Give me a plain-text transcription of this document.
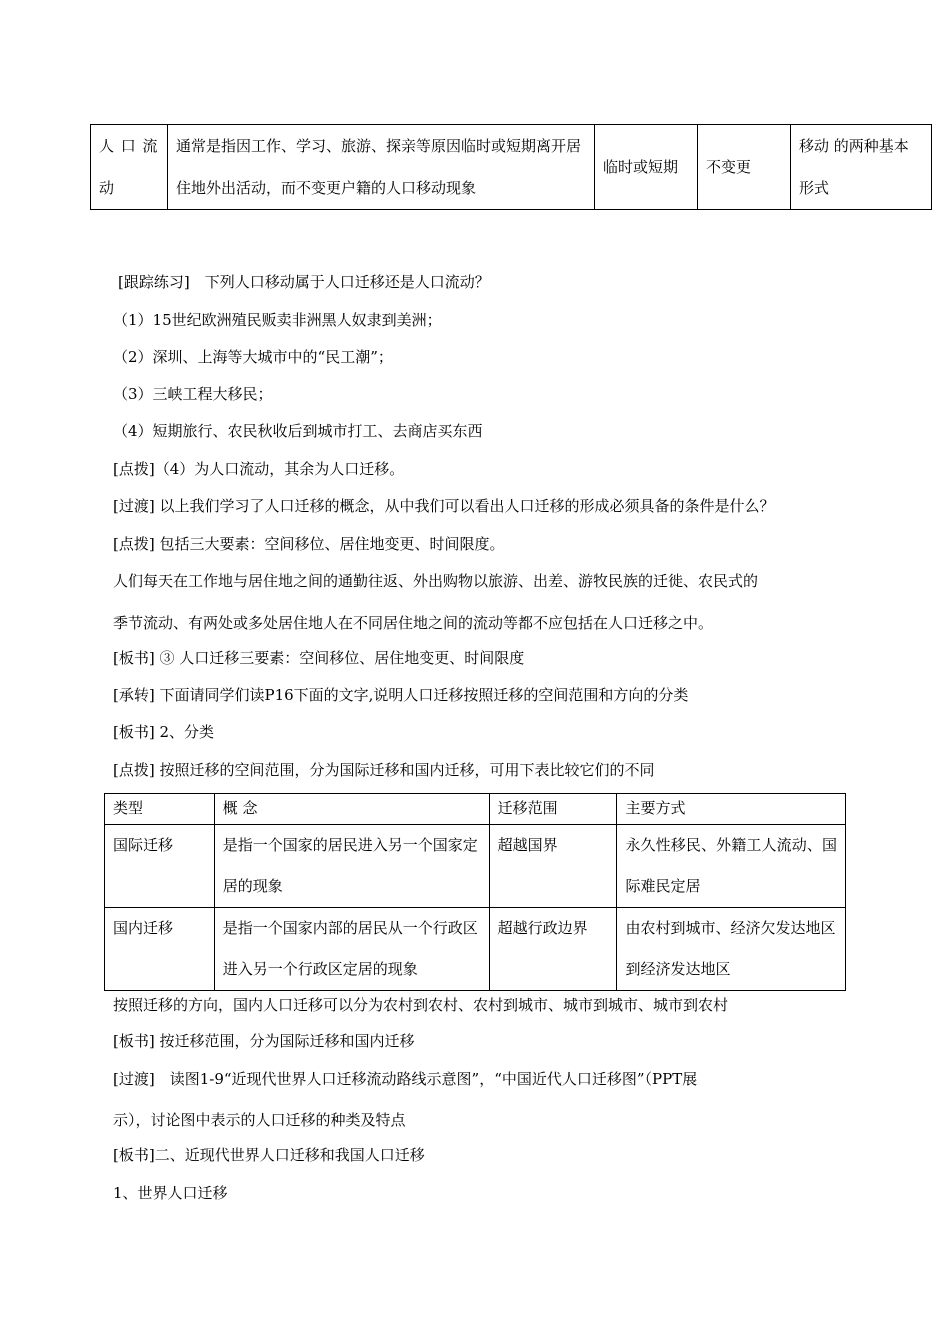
人 口 流动	通常是指因工作、学习、旅游、探亲等原因临时或短期离开居住地外出活动，而不变更户籍的人口移动现象	临时或短期	不变更	移动 的两种基本形式
[跟踪练习]　下列人口移动属于人口迁移还是人口流动？
（1）15世纪欧洲殖民贩卖非洲黑人奴隶到美洲；
（2）深圳、上海等大城市中的“民工潮”；
（3）三峡工程大移民；
（4）短期旅行、农民秋收后到城市打工、去商店买东西
[点拨]（4）为人口流动，其余为人口迁移。
[过渡] 以上我们学习了人口迁移的概念，从中我们可以看出人口迁移的形成必须具备的条件是什么？
[点拨] 包括三大要素：空间移位、居住地变更、时间限度。
人们每天在工作地与居住地之间的通勤往返、外出购物以旅游、出差、游牧民族的迁徙、农民式的
季节流动、有两处或多处居住地人在不同居住地之间的流动等都不应包括在人口迁移之中。
[板书] ③ 人口迁移三要素：空间移位、居住地变更、时间限度
[承转] 下面请同学们读P16下面的文字,说明人口迁移按照迁移的空间范围和方向的分类
[板书] 2、分类
[点拨] 按照迁移的空间范围，分为国际迁移和国内迁移，可用下表比较它们的不同
类型	概 念	迁移范围	主要方式
国际迁移	是指一个国家的居民进入另一个国家定居的现象	超越国界	永久性移民、外籍工人流动、国际难民定居
国内迁移	是指一个国家内部的居民从一个行政区进入另一个行政区定居的现象	超越行政边界	由农村到城市、经济欠发达地区到经济发达地区
按照迁移的方向，国内人口迁移可以分为农村到农村、农村到城市、城市到城市、城市到农村
[板书] 按迁移范围，分为国际迁移和国内迁移
[过渡]　读图1-9“近现代世界人口迁移流动路线示意图”，“中国近代人口迁移图”（PPT展
示），讨论图中表示的人口迁移的种类及特点
[板书]二、近现代世界人口迁移和我国人口迁移
1、世界人口迁移
